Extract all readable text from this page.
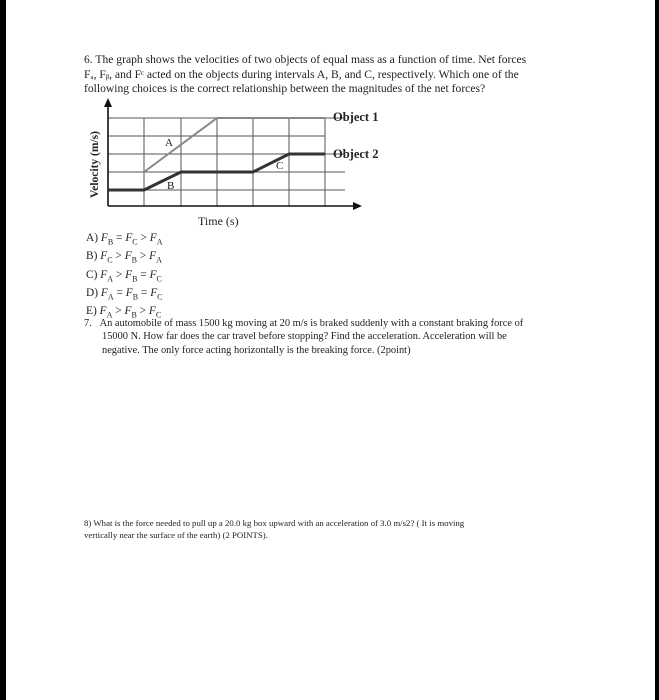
6. The graph shows the velocities of two objects of equal mass as a function of time. Net forces
Fₐ, Fᵦ, and Fᶜ acted on the objects during intervals A, B, and C, respectively. Which one of the
following choices is the correct relationship between the magnitudes of the net forces?
A
B
C
Object 1
Object 2
Time (s)
Velocity (m/s)
A) $F_B = F_C > F_A$
B) $F_C > F_B > F_A$
C) $F_A > F_B = F_C$
D) $F_A = F_B = F_C$
E) $F_A > F_B > F_C$
7. An automobile of mass 1500 kg moving at 20 m/s is braked suddenly with a constant braking force of
15000 N. How far does the car travel before stopping? Find the acceleration. Acceleration will be
negative. The only force acting horizontally is the breaking force. (2point)
8) What is the force needed to pull up a 20.0 kg box upward with an acceleration of 3.0 m/s2? ( It is moving
vertically near the surface of the earth) (2 POINTS).
